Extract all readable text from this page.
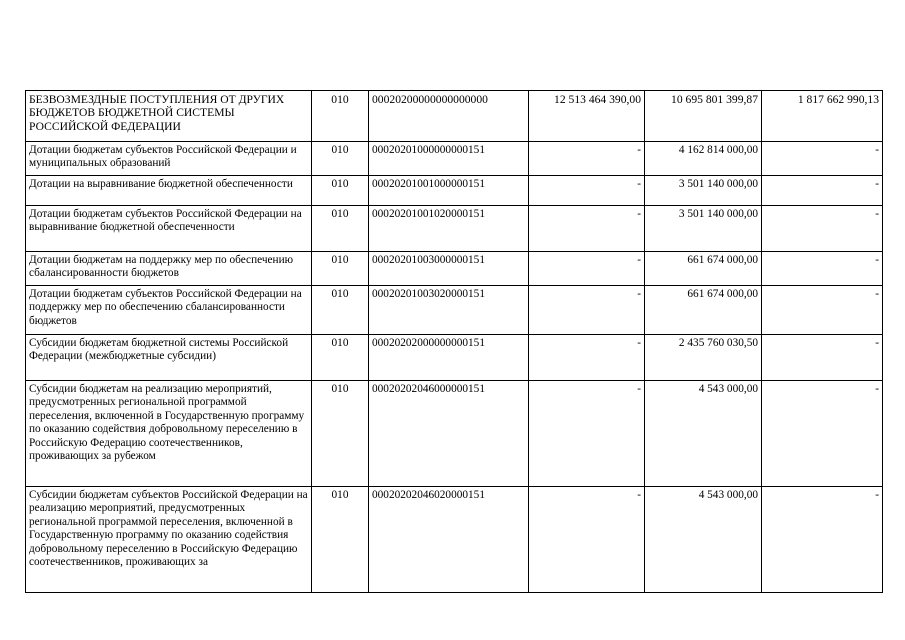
БЕЗВОЗМЕЗДНЫЕ ПОСТУПЛЕНИЯ ОТ ДРУГИХ БЮДЖЕТОВ БЮДЖЕТНОЙ СИСТЕМЫ РОССИЙСКОЙ ФЕДЕРАЦИИ	010	00020200000000000000	12 513 464 390,00	10 695 801 399,87	1 817 662 990,13
Дотации бюджетам субъектов Российской Федерации и муниципальных образований	010	00020201000000000151	-	4 162 814 000,00	-
Дотации на выравнивание бюджетной обеспеченности	010	00020201001000000151	-	3 501 140 000,00	-
Дотации бюджетам субъектов Российской Федерации на выравнивание бюджетной обеспеченности	010	00020201001020000151	-	3 501 140 000,00	-
Дотации бюджетам на поддержку мер по обеспечению сбалансированности бюджетов	010	00020201003000000151	-	661 674 000,00	-
Дотации бюджетам субъектов Российской Федерации на поддержку мер по обеспечению сбалансированности бюджетов	010	00020201003020000151	-	661 674 000,00	-
Субсидии бюджетам бюджетной системы Российской Федерации (межбюджетные субсидии)	010	00020202000000000151	-	2 435 760 030,50	-
Субсидии бюджетам на реализацию мероприятий, предусмотренных региональной программой переселения, включенной в Государственную программу по оказанию содействия добровольному переселению в Российскую Федерацию соотечественников, проживающих за рубежом	010	00020202046000000151	-	4 543 000,00	-
Субсидии бюджетам субъектов Российской Федерации на реализацию мероприятий, предусмотренных региональной программой переселения, включенной в Государственную программу по оказанию содействия добровольному переселению в Российскую Федерацию соотечественников, проживающих за	010	00020202046020000151	-	4 543 000,00	-
